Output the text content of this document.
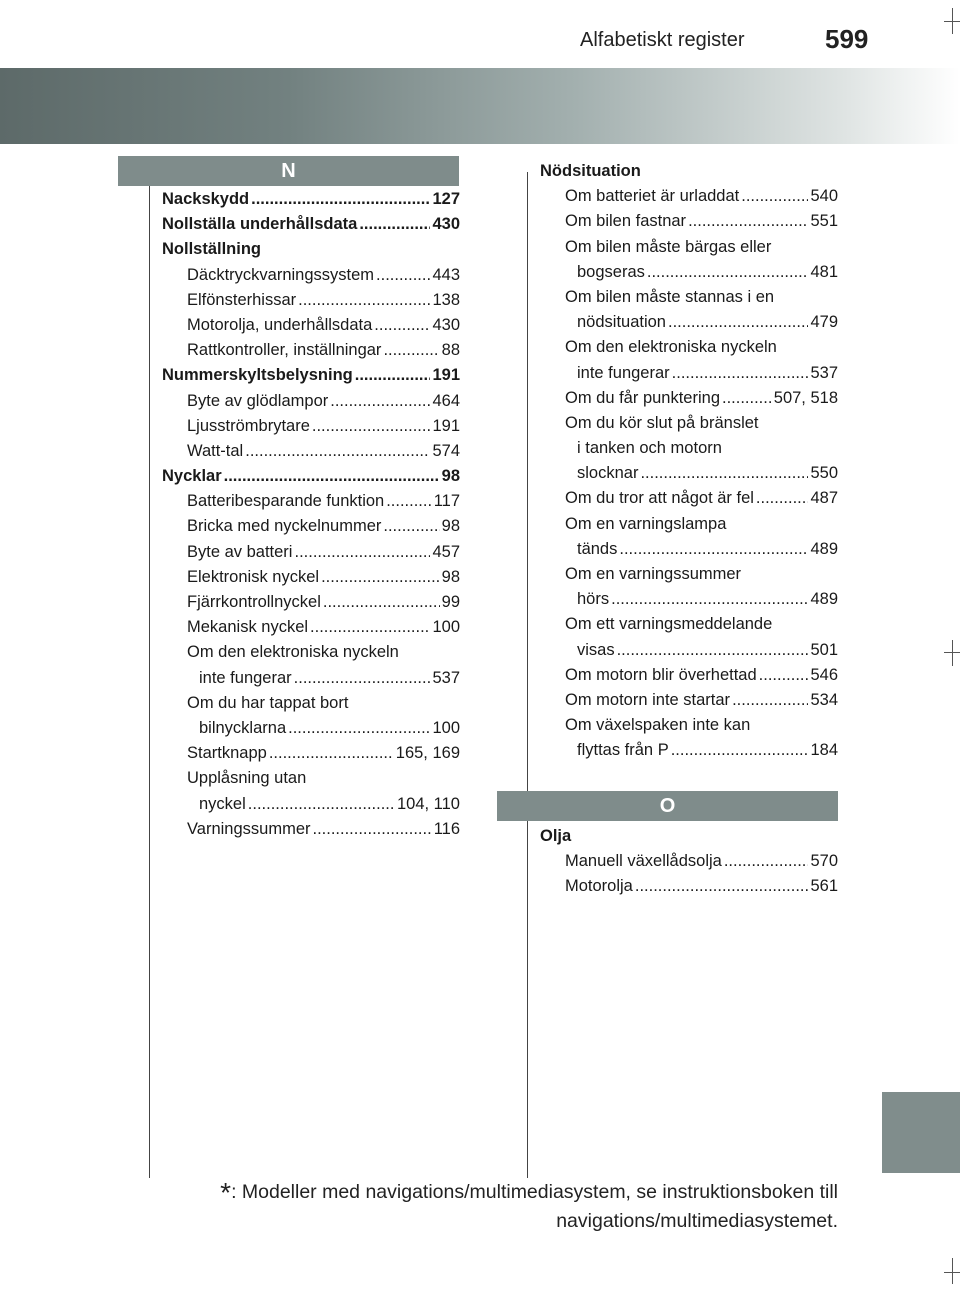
Alfabetiskt register	599
N
Nackskydd .....	127
Nollställa underhållsdata .....	430
Nollställning
Däcktryckvarningssystem .....	443
Elfönsterhissar .....	138
Motorolja, underhållsdata .....	430
Rattkontroller, inställningar .....	88
Nummerskyltsbelysning .....	191
Byte av glödlampor .....	464
Ljusströmbrytare .....	191
Watt-tal .....	574
Nycklar .....	98
Batteribesparande funktion .....	117
Bricka med nyckelnummer .....	98
Byte av batteri .....	457
Elektronisk nyckel .....	98
Fjärrkontrollnyckel .....	99
Mekanisk nyckel .....	100
Om den elektroniska nyckeln
inte fungerar .....	537
Om du har tappat bort
bilnycklarna .....	100
Startknapp .....	165, 169
Upplåsning utan
nyckel .....	104, 110
Varningssummer .....	116
Nödsituation
Om batteriet är urladdat .....	540
Om bilen fastnar .....	551
Om bilen måste bärgas eller
bogseras .....	481
Om bilen måste stannas i en
nödsituation .....	479
Om den elektroniska nyckeln
inte fungerar .....	537
Om du får punktering .....	507, 518
Om du kör slut på bränslet
i tanken och motorn
slocknar .....	550
Om du tror att något är fel .....	487
Om en varningslampa
tänds .....	489
Om en varningssummer
hörs .....	489
Om ett varningsmeddelande
visas .....	501
Om motorn blir överhettad .....	546
Om motorn inte startar .....	534
Om växelspaken inte kan
flyttas från P .....	184
O
Olja
Manuell växellådsolja .....	570
Motorolja .....	561
*: Modeller med navigations/multimediasystem, se instruktionsboken till
navigations/multimediasystemet.
